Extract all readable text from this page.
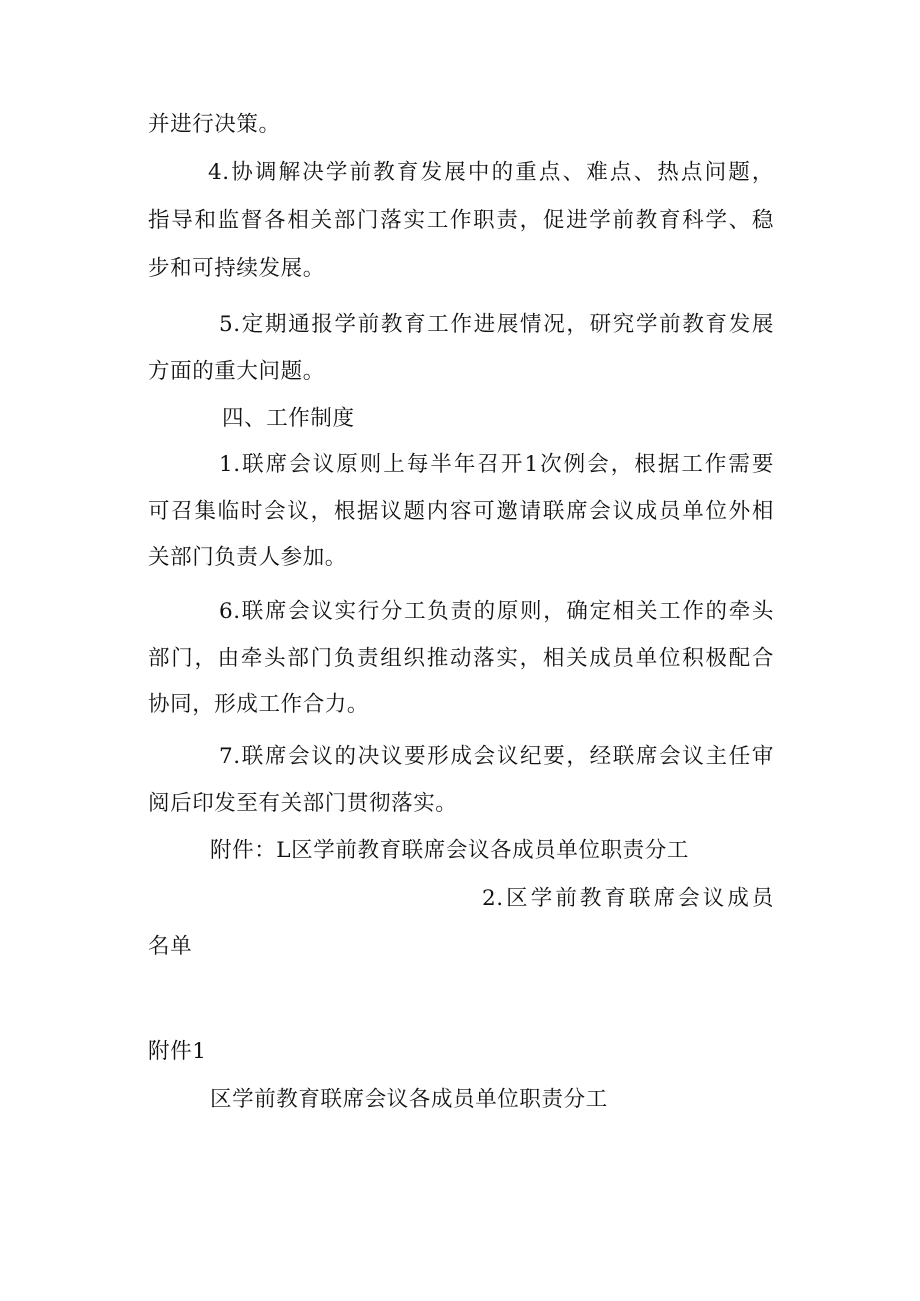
并进行决策。
4.协调解决学前教育发展中的重点、难点、热点问题，
指导和监督各相关部门落实工作职责，促进学前教育科学、稳
步和可持续发展。
5.定期通报学前教育工作进展情况，研究学前教育发展
方面的重大问题。
四、工作制度
1.联席会议原则上每半年召开1次例会，根据工作需要
可召集临时会议，根据议题内容可邀请联席会议成员单位外相
关部门负责人参加。
6.联席会议实行分工负责的原则，确定相关工作的牵头
部门，由牵头部门负责组织推动落实，相关成员单位积极配合
协同，形成工作合力。
7.联席会议的决议要形成会议纪要，经联席会议主任审
阅后印发至有关部门贯彻落实。
附件：L区学前教育联席会议各成员单位职责分工
2.区学前教育联席会议成员
名单
附件1
区学前教育联席会议各成员单位职责分工
